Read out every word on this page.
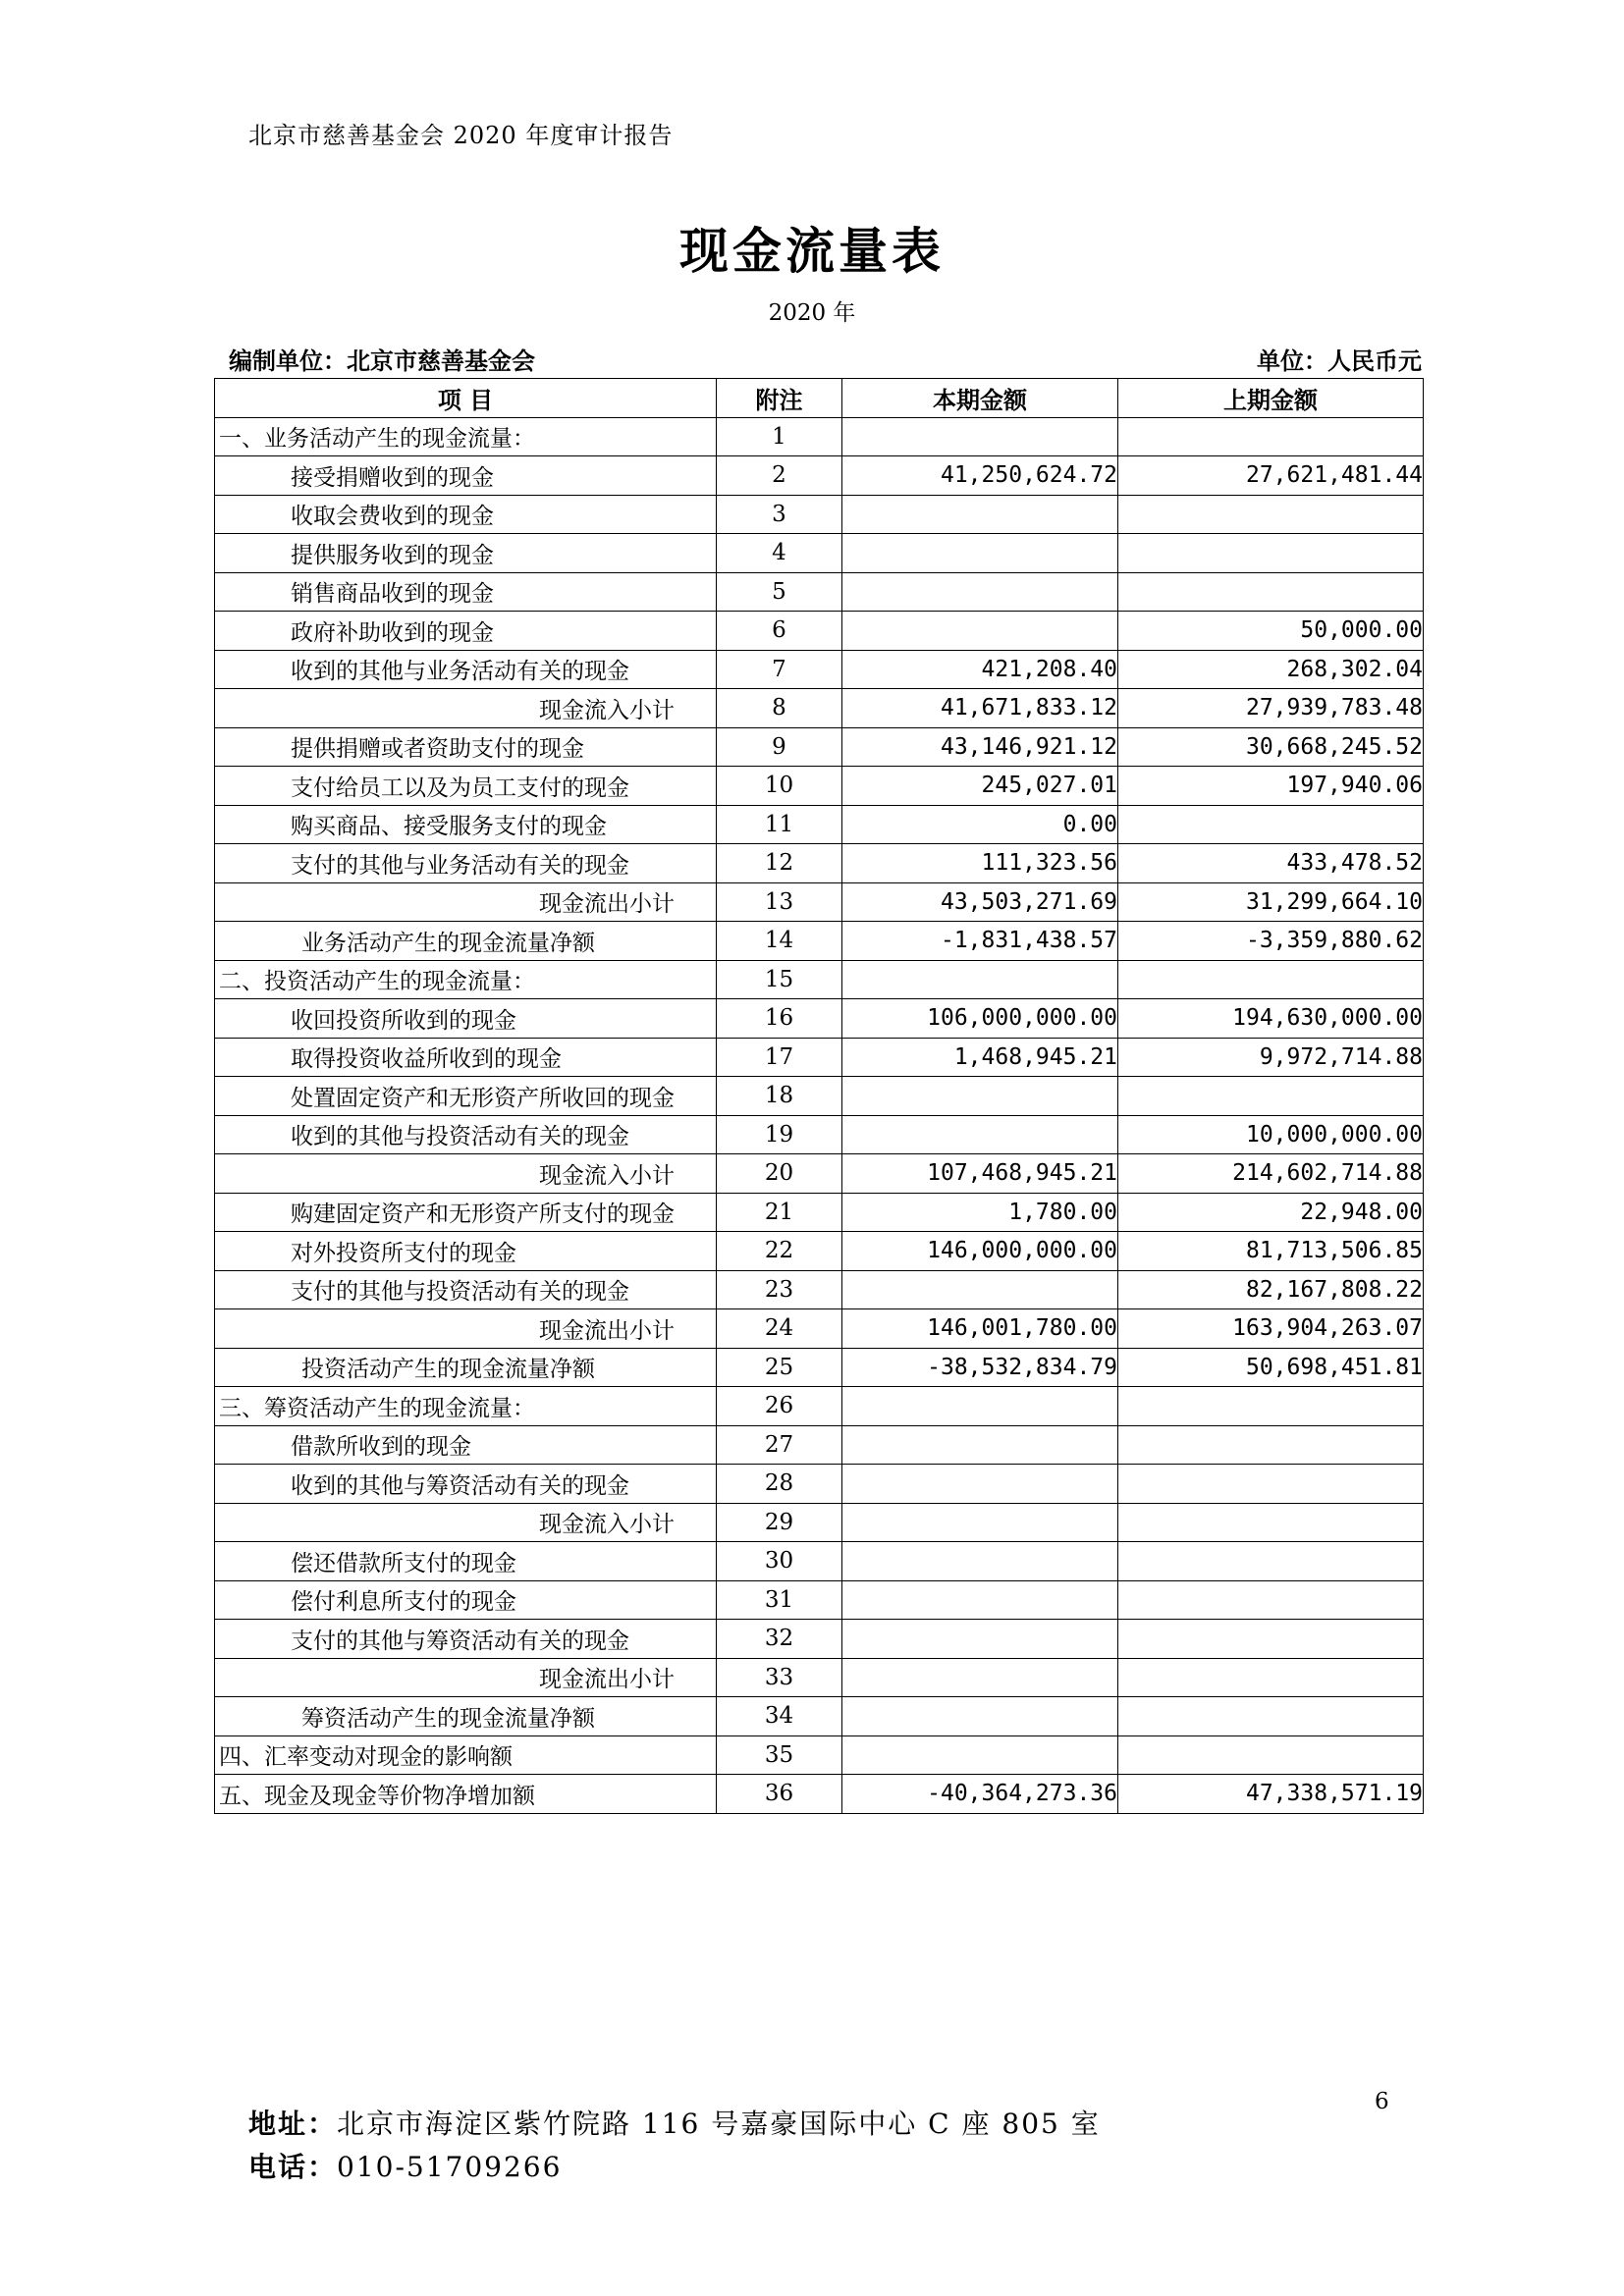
北京市慈善基金会 2020 年度审计报告
现金流量表
2020 年
编制单位：北京市慈善基金会	单位：人民币元
项 目	附注	本期金额	上期金额
一、业务活动产生的现金流量：	1		
接受捐赠收到的现金	2	41,250,624.72	27,621,481.44
收取会费收到的现金	3		
提供服务收到的现金	4		
销售商品收到的现金	5		
政府补助收到的现金	6		50,000.00
收到的其他与业务活动有关的现金	7	421,208.40	268,302.04
现金流入小计	8	41,671,833.12	27,939,783.48
提供捐赠或者资助支付的现金	9	43,146,921.12	30,668,245.52
支付给员工以及为员工支付的现金	10	245,027.01	197,940.06
购买商品、接受服务支付的现金	11	0.00	
支付的其他与业务活动有关的现金	12	111,323.56	433,478.52
现金流出小计	13	43,503,271.69	31,299,664.10
业务活动产生的现金流量净额	14	-1,831,438.57	-3,359,880.62
二、投资活动产生的现金流量：	15		
收回投资所收到的现金	16	106,000,000.00	194,630,000.00
取得投资收益所收到的现金	17	1,468,945.21	9,972,714.88
处置固定资产和无形资产所收回的现金	18		
收到的其他与投资活动有关的现金	19		10,000,000.00
现金流入小计	20	107,468,945.21	214,602,714.88
购建固定资产和无形资产所支付的现金	21	1,780.00	22,948.00
对外投资所支付的现金	22	146,000,000.00	81,713,506.85
支付的其他与投资活动有关的现金	23		82,167,808.22
现金流出小计	24	146,001,780.00	163,904,263.07
投资活动产生的现金流量净额	25	-38,532,834.79	50,698,451.81
三、筹资活动产生的现金流量：	26		
借款所收到的现金	27		
收到的其他与筹资活动有关的现金	28		
现金流入小计	29		
偿还借款所支付的现金	30		
偿付利息所支付的现金	31		
支付的其他与筹资活动有关的现金	32		
现金流出小计	33		
筹资活动产生的现金流量净额	34		
四、汇率变动对现金的影响额	35		
五、现金及现金等价物净增加额	36	-40,364,273.36	47,338,571.19
地址：北京市海淀区紫竹院路 116 号嘉豪国际中心 C 座 805 室
电话：010-51709266
6
